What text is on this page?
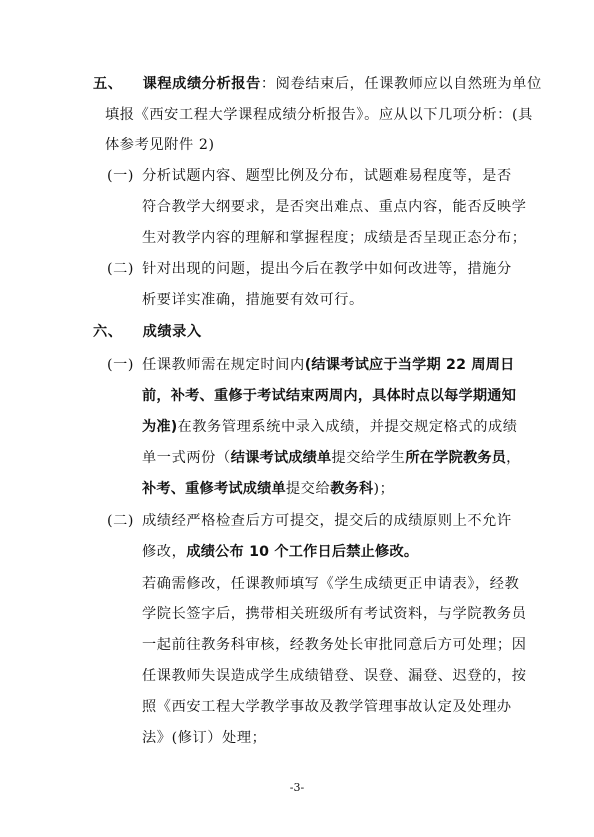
五、 课程成绩分析报告：阅卷结束后，任课教师应以自然班为单位
填报《西安工程大学课程成绩分析报告》。应从以下几项分析：(具
体参考见附件 2)
(一) 分析试题内容、题型比例及分布，试题难易程度等，是否
符合教学大纲要求，是否突出难点、重点内容，能否反映学
生对教学内容的理解和掌握程度；成绩是否呈现正态分布；
(二) 针对出现的问题，提出今后在教学中如何改进等，措施分
析要详实准确，措施要有效可行。
六、 成绩录入
(一) 任课教师需在规定时间内(结课考试应于当学期 22 周周日
前，补考、重修于考试结束两周内，具体时点以每学期通知
为准)在教务管理系统中录入成绩，并提交规定格式的成绩
单一式两份（结课考试成绩单提交给学生所在学院教务员，
补考、重修考试成绩单提交给教务科)；
(二) 成绩经严格检查后方可提交，提交后的成绩原则上不允许
修改，成绩公布 10 个工作日后禁止修改。
若确需修改，任课教师填写《学生成绩更正申请表》，经教
学院长签字后，携带相关班级所有考试资料，与学院教务员
一起前往教务科审核，经教务处长审批同意后方可处理；因
任课教师失误造成学生成绩错登、误登、漏登、迟登的，按
照《西安工程大学教学事故及教学管理事故认定及处理办
法》(修订）处理；
-3-
